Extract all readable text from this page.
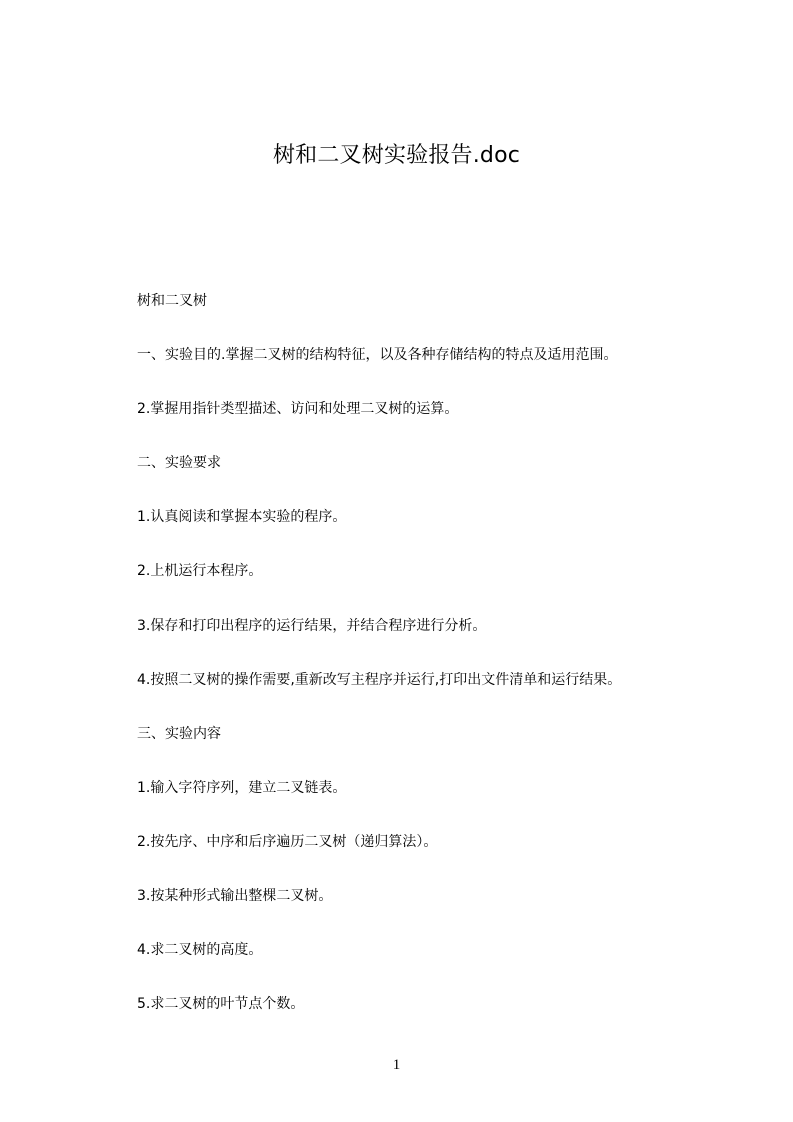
树和二叉树实验报告.doc

树和二叉树

一、实验目的.掌握二叉树的结构特征，以及各种存储结构的特点及适用范围。

2.掌握用指针类型描述、访问和处理二叉树的运算。

二、实验要求

1.认真阅读和掌握本实验的程序。

2.上机运行本程序。

3.保存和打印出程序的运行结果，并结合程序进行分析。

4.按照二叉树的操作需要,重新改写主程序并运行,打印出文件清单和运行结果。

三、实验内容

1.输入字符序列，建立二叉链表。

2.按先序、中序和后序遍历二叉树（递归算法）。

3.按某种形式输出整棵二叉树。

4.求二叉树的高度。

5.求二叉树的叶节点个数。

1
